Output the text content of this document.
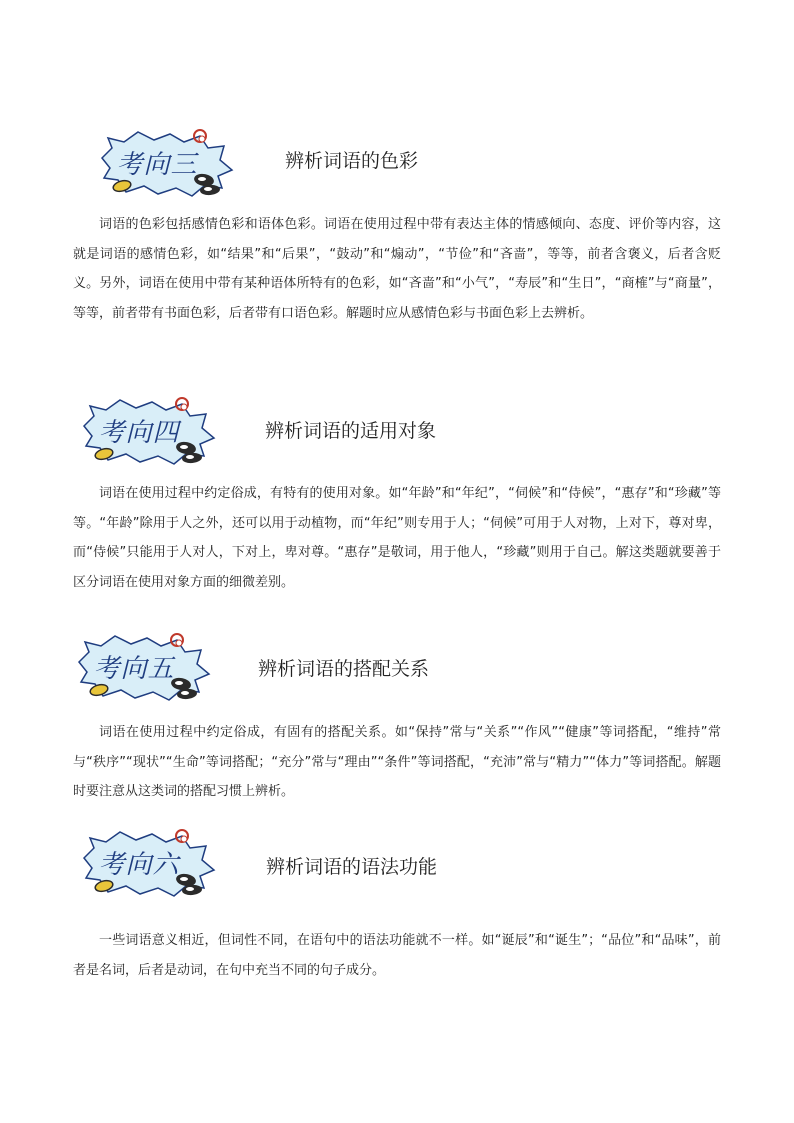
考向三	辨析词语的色彩

词语的色彩包括感情色彩和语体色彩。词语在使用过程中带有表达主体的情感倾向、态度、评价等内容，这就是词语的感情色彩，如“结果”和“后果”，“鼓动”和“煽动”，“节俭”和“吝啬”，等等，前者含褒义，后者含贬义。另外，词语在使用中带有某种语体所特有的色彩，如“吝啬”和“小气”，“寿辰”和“生日”，“商榷”与“商量”，等等，前者带有书面色彩，后者带有口语色彩。解题时应从感情色彩与书面色彩上去辨析。

考向四	辨析词语的适用对象

词语在使用过程中约定俗成，有特有的使用对象。如“年龄”和“年纪”，“伺候”和“侍候”，“惠存”和“珍藏”等等。“年龄”除用于人之外，还可以用于动植物，而“年纪”则专用于人；“伺候”可用于人对物，上对下，尊对卑，而“侍候”只能用于人对人，下对上，卑对尊。“惠存”是敬词，用于他人，“珍藏”则用于自己。解这类题就要善于区分词语在使用对象方面的细微差别。

考向五	辨析词语的搭配关系

词语在使用过程中约定俗成，有固有的搭配关系。如“保持”常与“关系”“作风”“健康”等词搭配，“维持”常与“秩序”“现状”“生命”等词搭配；“充分”常与“理由”“条件”等词搭配，“充沛”常与“精力”“体力”等词搭配。解题时要注意从这类词的搭配习惯上辨析。

考向六	辨析词语的语法功能

一些词语意义相近，但词性不同，在语句中的语法功能就不一样。如“诞辰”和“诞生”；“品位”和“品味”，前者是名词，后者是动词，在句中充当不同的句子成分。
